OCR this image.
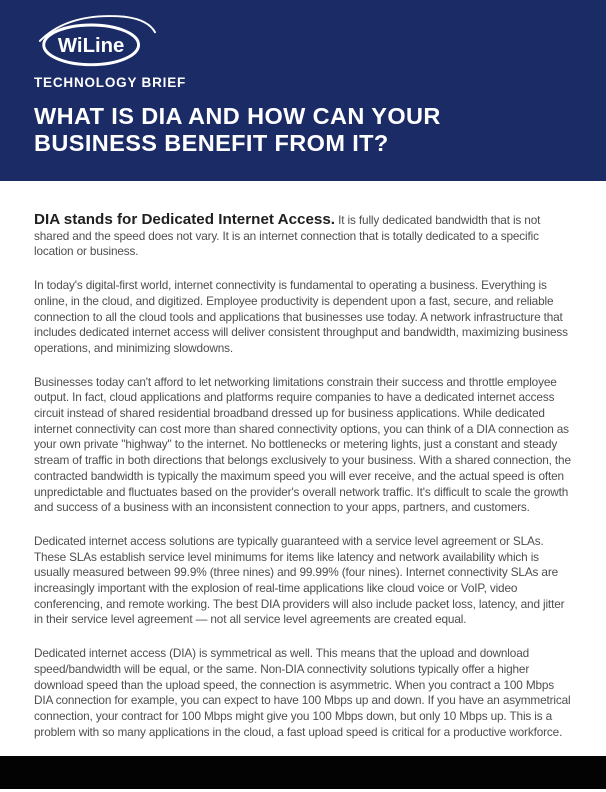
WiLine
TECHNOLOGY BRIEF
WHAT IS DIA AND HOW CAN YOUR
BUSINESS BENEFIT FROM IT?

DIA stands for Dedicated Internet Access. It is fully dedicated bandwidth that is not shared and the speed does not vary. It is an internet connection that is totally dedicated to a specific location or business.

In today's digital-first world, internet connectivity is fundamental to operating a business. Everything is online, in the cloud, and digitized. Employee productivity is dependent upon a fast, secure, and reliable connection to all the cloud tools and applications that businesses use today. A network infrastructure that includes dedicated internet access will deliver consistent throughput and bandwidth, maximizing business operations, and minimizing slowdowns.

Businesses today can't afford to let networking limitations constrain their success and throttle employee output. In fact, cloud applications and platforms require companies to have a dedicated internet access circuit instead of shared residential broadband dressed up for business applications. While dedicated internet connectivity can cost more than shared connectivity options, you can think of a DIA connection as your own private "highway" to the internet. No bottlenecks or metering lights, just a constant and steady stream of traffic in both directions that belongs exclusively to your business. With a shared connection, the contracted bandwidth is typically the maximum speed you will ever receive, and the actual speed is often unpredictable and fluctuates based on the provider's overall network traffic. It's difficult to scale the growth and success of a business with an inconsistent connection to your apps, partners, and customers.

Dedicated internet access solutions are typically guaranteed with a service level agreement or SLAs. These SLAs establish service level minimums for items like latency and network availability which is usually measured between 99.9% (three nines) and 99.99% (four nines). Internet connectivity SLAs are increasingly important with the explosion of real-time applications like cloud voice or VoIP, video conferencing, and remote working. The best DIA providers will also include packet loss, latency, and jitter in their service level agreement — not all service level agreements are created equal.

Dedicated internet access (DIA) is symmetrical as well. This means that the upload and download speed/bandwidth will be equal, or the same. Non-DIA connectivity solutions typically offer a higher download speed than the upload speed, the connection is asymmetric. When you contract a 100 Mbps DIA connection for example, you can expect to have 100 Mbps up and down. If you have an asymmetrical connection, your contract for 100 Mbps might give you 100 Mbps down, but only 10 Mbps up. This is a problem with so many applications in the cloud, a fast upload speed is critical for a productive workforce.
